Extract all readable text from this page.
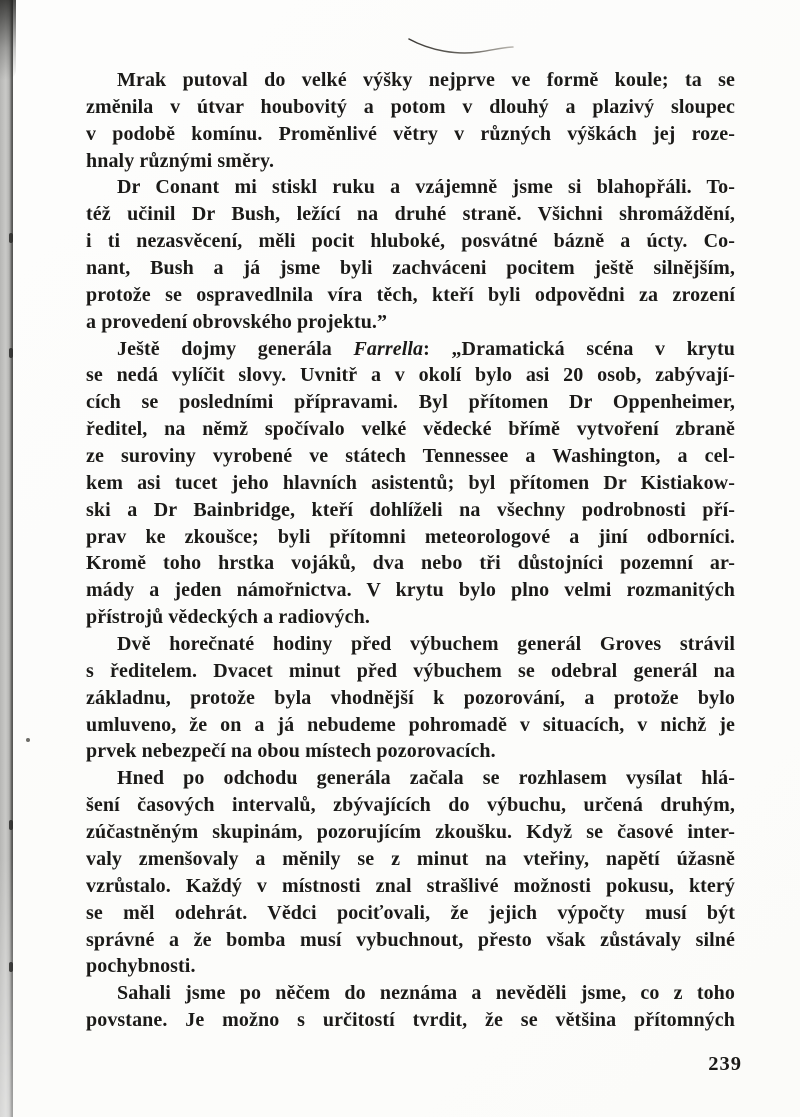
Mrak putoval do velké výšky nejprve ve formě koule; ta se
změnila v útvar houbovitý a potom v dlouhý a plazivý sloupec
v podobě komínu. Proměnlivé větry v různých výškách jej roze-
hnaly různými směry.
Dr Conant mi stiskl ruku a vzájemně jsme si blahopřáli. To-
též učinil Dr Bush, ležící na druhé straně. Všichni shromáždění,
i ti nezasvěcení, měli pocit hluboké, posvátné bázně a úcty. Co-
nant, Bush a já jsme byli zachváceni pocitem ještě silnějším,
protože se ospravedlnila víra těch, kteří byli odpovědni za zrození
a provedení obrovského projektu.”
Ještě dojmy generála Farrella: „Dramatická scéna v krytu
se nedá vylíčit slovy. Uvnitř a v okolí bylo asi 20 osob, zabývají-
cích se posledními přípravami. Byl přítomen Dr Oppenheimer,
ředitel, na němž spočívalo velké vědecké břímě vytvoření zbraně
ze suroviny vyrobené ve státech Tennessee a Washington, a cel-
kem asi tucet jeho hlavních asistentů; byl přítomen Dr Kistiakow-
ski a Dr Bainbridge, kteří dohlíželi na všechny podrobnosti pří-
prav ke zkoušce; byli přítomni meteorologové a jiní odborníci.
Kromě toho hrstka vojáků, dva nebo tři důstojníci pozemní ar-
mády a jeden námořnictva. V krytu bylo plno velmi rozmanitých
přístrojů vědeckých a radiových.
Dvě horečnaté hodiny před výbuchem generál Groves strávil
s ředitelem. Dvacet minut před výbuchem se odebral generál na
základnu, protože byla vhodnější k pozorování, a protože bylo
umluveno, že on a já nebudeme pohromadě v situacích, v nichž je
prvek nebezpečí na obou místech pozorovacích.
Hned po odchodu generála začala se rozhlasem vysílat hlá-
šení časových intervalů, zbývajících do výbuchu, určená druhým,
zúčastněným skupinám, pozorujícím zkoušku. Když se časové inter-
valy zmenšovaly a měnily se z minut na vteřiny, napětí úžasně
vzrůstalo. Každý v místnosti znal strašlivé možnosti pokusu, který
se měl odehrát. Vědci pociťovali, že jejich výpočty musí být
správné a že bomba musí vybuchnout, přesto však zůstávaly silné
pochybnosti.
Sahali jsme po něčem do neznáma a nevěděli jsme, co z toho
povstane. Je možno s určitostí tvrdit, že se většina přítomných
239
